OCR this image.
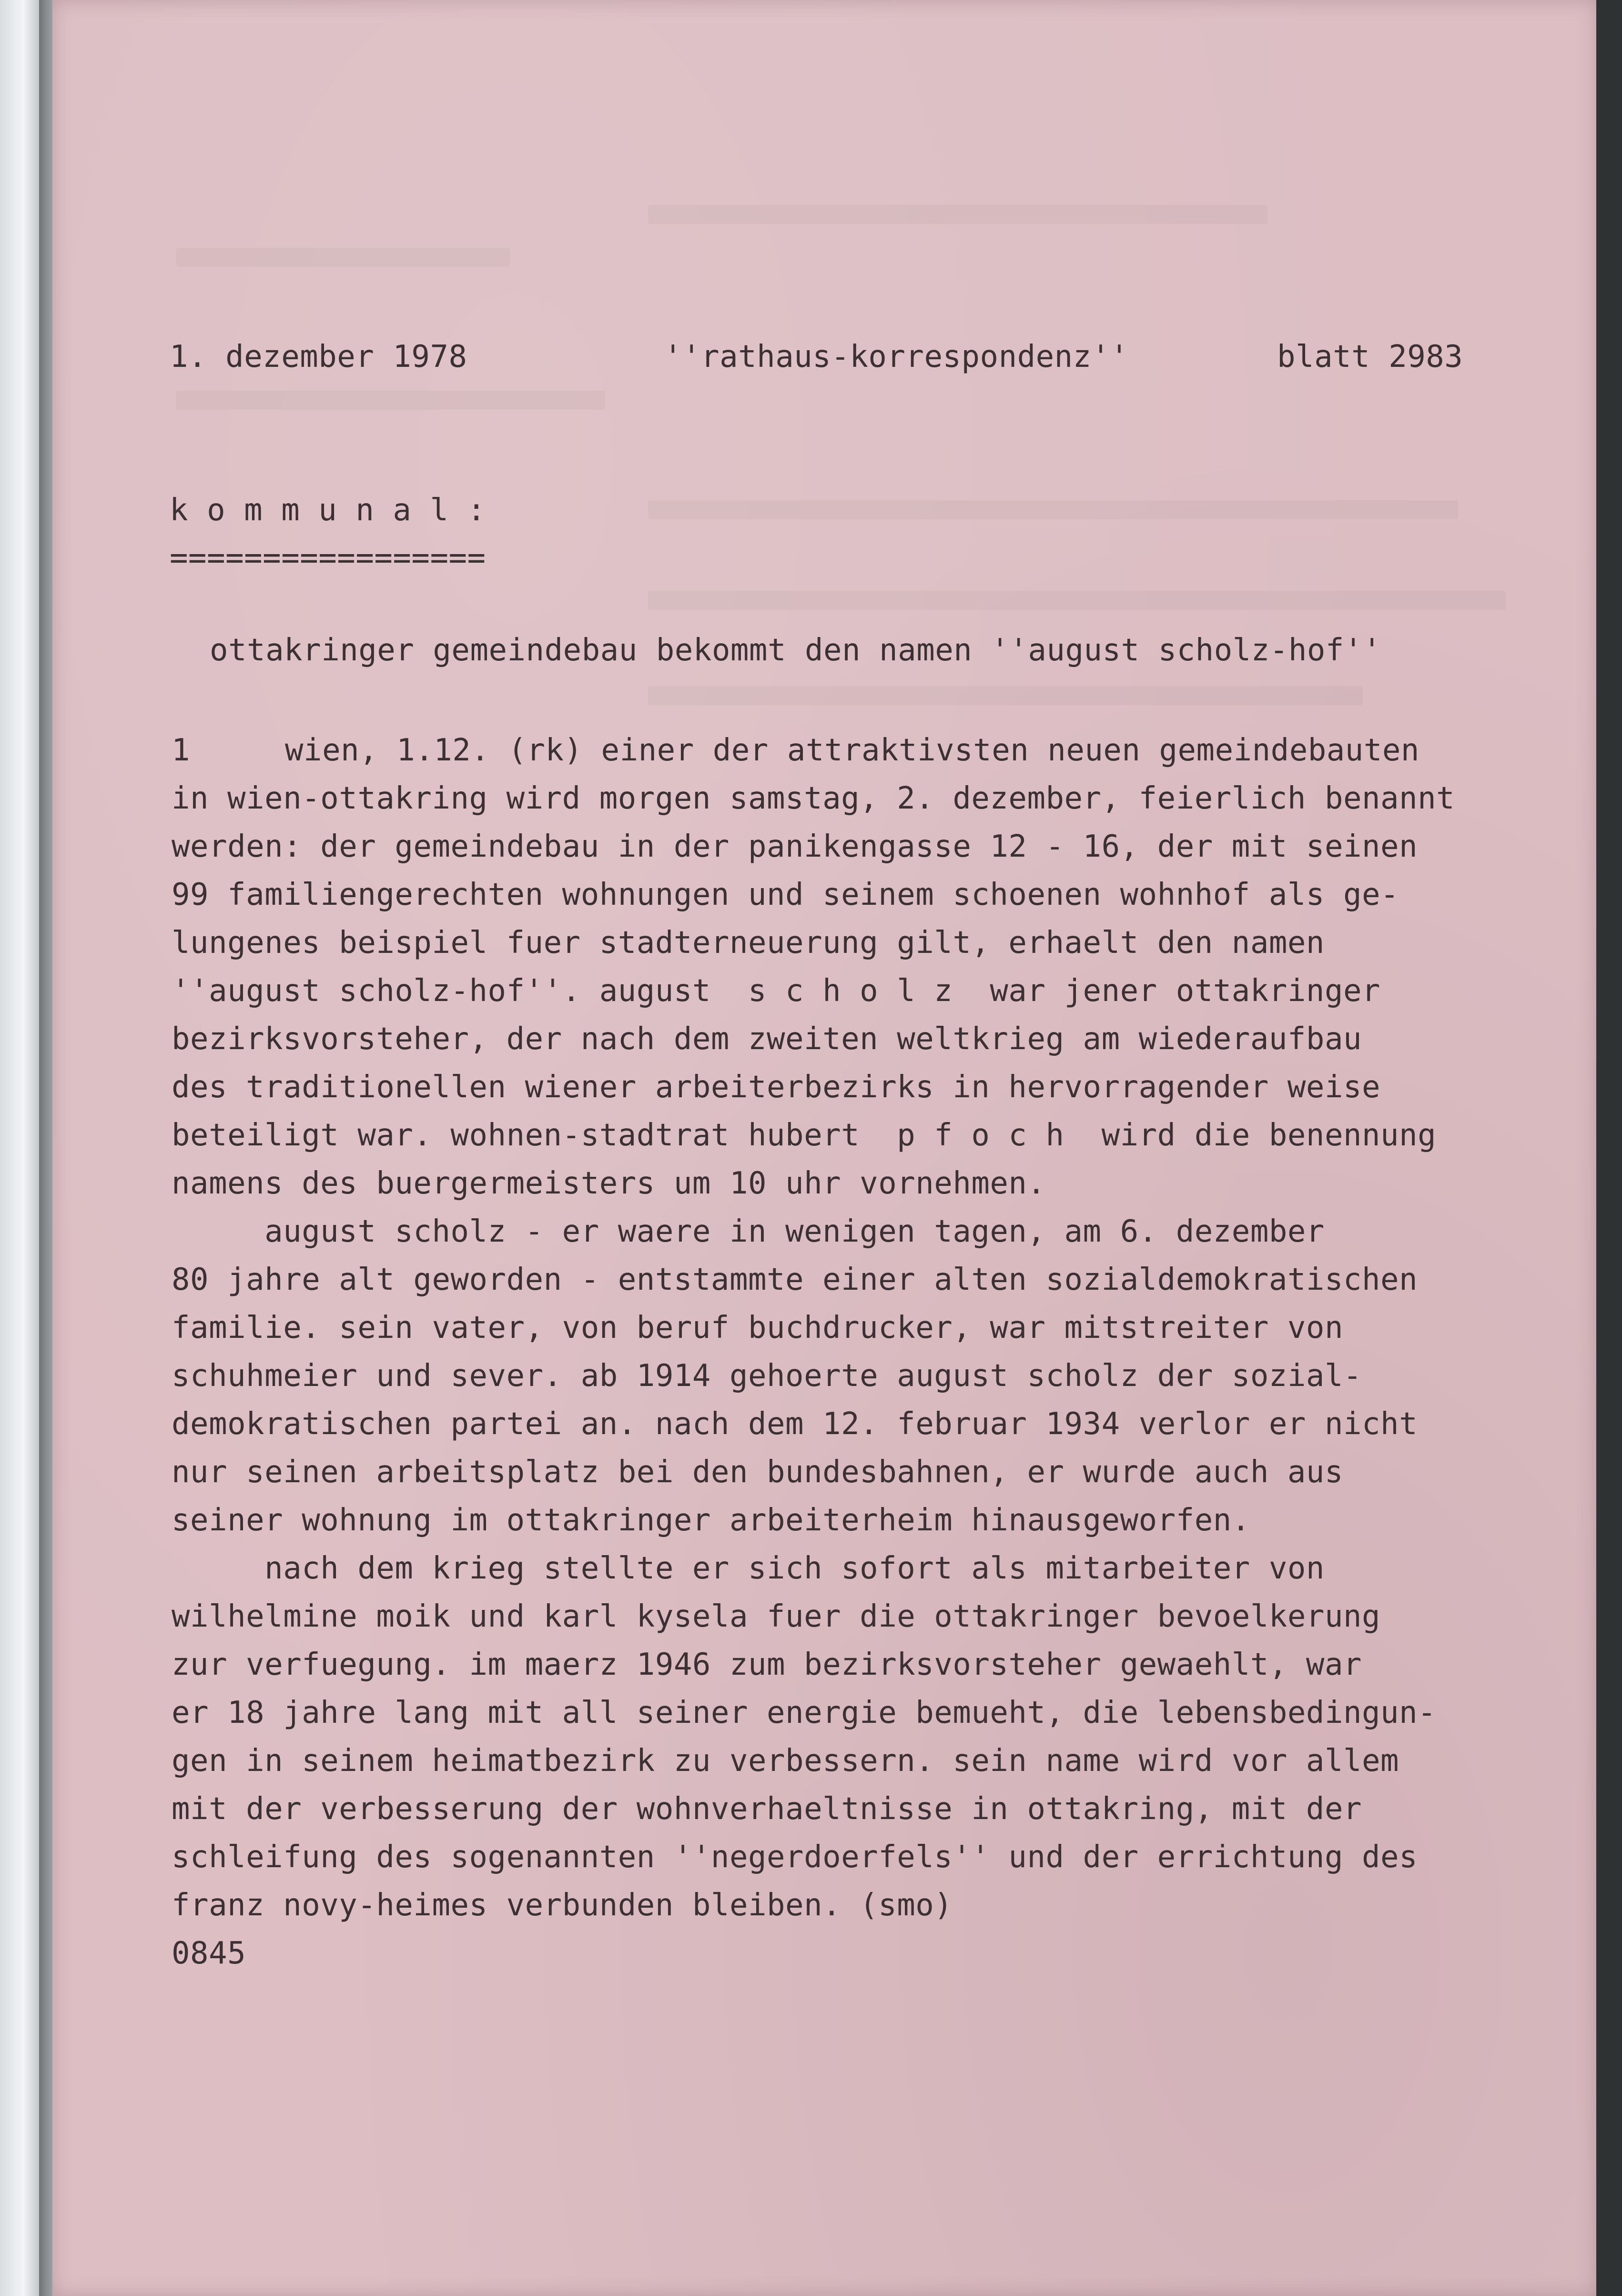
1. dezember 1978	''rathaus-korrespondenz''	blatt 2983
k o m m u n a l :
=================
ottakringer gemeindebau bekommt den namen ''august scholz-hof''
1	wien, 1.12. (rk) einer der attraktivsten neuen gemeindebauten
in wien-ottakring wird morgen samstag, 2. dezember, feierlich benannt
werden: der gemeindebau in der panikengasse 12 - 16, der mit seinen
99 familiengerechten wohnungen und seinem schoenen wohnhof als ge-
lungenes beispiel fuer stadterneuerung gilt, erhaelt den namen
''august scholz-hof''. august  s c h o l z  war jener ottakringer
bezirksvorsteher, der nach dem zweiten weltkrieg am wiederaufbau
des traditionellen wiener arbeiterbezirks in hervorragender weise
beteiligt war. wohnen-stadtrat hubert  p f o c h  wird die benennung
namens des buergermeisters um 10 uhr vornehmen.
august scholz - er waere in wenigen tagen, am 6. dezember
80 jahre alt geworden - entstammte einer alten sozialdemokratischen
familie. sein vater, von beruf buchdrucker, war mitstreiter von
schuhmeier und sever. ab 1914 gehoerte august scholz der sozial-
demokratischen partei an. nach dem 12. februar 1934 verlor er nicht
nur seinen arbeitsplatz bei den bundesbahnen, er wurde auch aus
seiner wohnung im ottakringer arbeiterheim hinausgeworfen.
nach dem krieg stellte er sich sofort als mitarbeiter von
wilhelmine moik und karl kysela fuer die ottakringer bevoelkerung
zur verfuegung. im maerz 1946 zum bezirksvorsteher gewaehlt, war
er 18 jahre lang mit all seiner energie bemueht, die lebensbedingun-
gen in seinem heimatbezirk zu verbessern. sein name wird vor allem
mit der verbesserung der wohnverhaeltnisse in ottakring, mit der
schleifung des sogenannten ''negerdoerfels'' und der errichtung des
franz novy-heimes verbunden bleiben. (smo)
0845
